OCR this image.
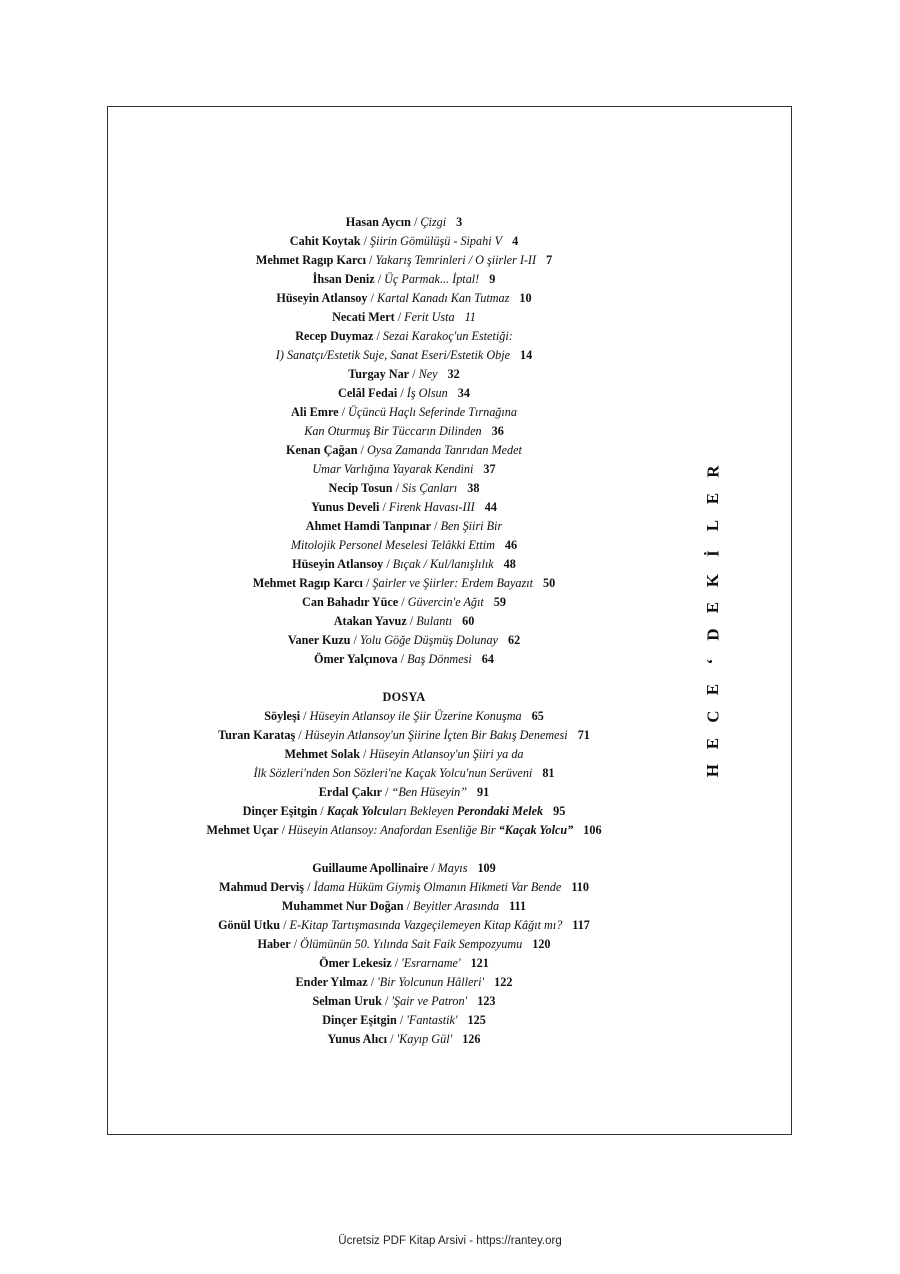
Hasan Aycın / Çizgi 3
Cahit Koytak / Şiirin Gömülüşü - Sipahi V 4
Mehmet Ragıp Karcı / Yakarış Temrinleri / O şiirler I-II 7
İhsan Deniz / Üç Parmak... İptal! 9
Hüseyin Atlansoy / Kartal Kanadı Kan Tutmaz 10
Necati Mert / Ferit Usta 11
Recep Duymaz / Sezai Karakoç'un Estetiği:
I) Sanatçı/Estetik Suje, Sanat Eseri/Estetik Obje 14
Turgay Nar / Ney 32
Celâl Fedai / İş Olsun 34
Ali Emre / Üçüncü Haçlı Seferinde Tırnağına
Kan Oturmuş Bir Tüccarın Dilinden 36
Kenan Çağan / Oysa Zamanda Tanrıdan Medet
Umar Varlığına Yayarak Kendini 37
Necip Tosun / Sis Çanları 38
Yunus Develi / Firenk Havası-III 44
Ahmet Hamdi Tanpınar / Ben Şiiri Bir
Mitolojik Personel Meselesi Telâkki Ettim 46
Hüseyin Atlansoy / Bıçak / Kul/lanışlılık 48
Mehmet Ragıp Karcı / Şairler ve Şiirler: Erdem Bayazıt 50
Can Bahadır Yüce / Güvercin'e Ağıt 59
Atakan Yavuz / Bulantı 60
Vaner Kuzu / Yolu Göğe Düşmüş Dolunay 62
Ömer Yalçınova / Baş Dönmesi 64
DOSYA
Söyleşi / Hüseyin Atlansoy ile Şiir Üzerine Konuşma 65
Turan Karataş / Hüseyin Atlansoy'un Şiirine İçten Bir Bakış Denemesi 71
Mehmet Solak / Hüseyin Atlansoy'un Şiiri ya da
İlk Sözleri'nden Son Sözleri'ne Kaçak Yolcu'nun Serüveni 81
Erdal Çakır / “Ben Hüseyin” 91
Dinçer Eşitgin / Kaçak Yolcuları Bekleyen Perondaki Melek 95
Mehmet Uçar / Hüseyin Atlansoy: Anafordan Esenliğe Bir “Kaçak Yolcu” 106
Guillaume Apollinaire / Mayıs 109
Mahmud Derviş / İdama Hüküm Giymiş Olmanın Hikmeti Var Bende 110
Muhammet Nur Doğan / Beyitler Arasında 111
Gönül Utku / E-Kitap Tartışmasında Vazgeçilemeyen Kitap Kâğıt mı? 117
Haber / Ölümünün 50. Yılında Sait Faik Sempozyumu 120
Ömer Lekesiz / 'Esrarname' 121
Ender Yılmaz / 'Bir Yolcunun Hâlleri' 122
Selman Uruk / 'Şair ve Patron' 123
Dinçer Eşitgin / 'Fantastik' 125
Yunus Alıcı / 'Kayıp Gül' 126
R
E
L
İ
K
E
D
‘
E
C
E
H
Ücretsiz PDF Kitap Arsivi - https://rantey.org
